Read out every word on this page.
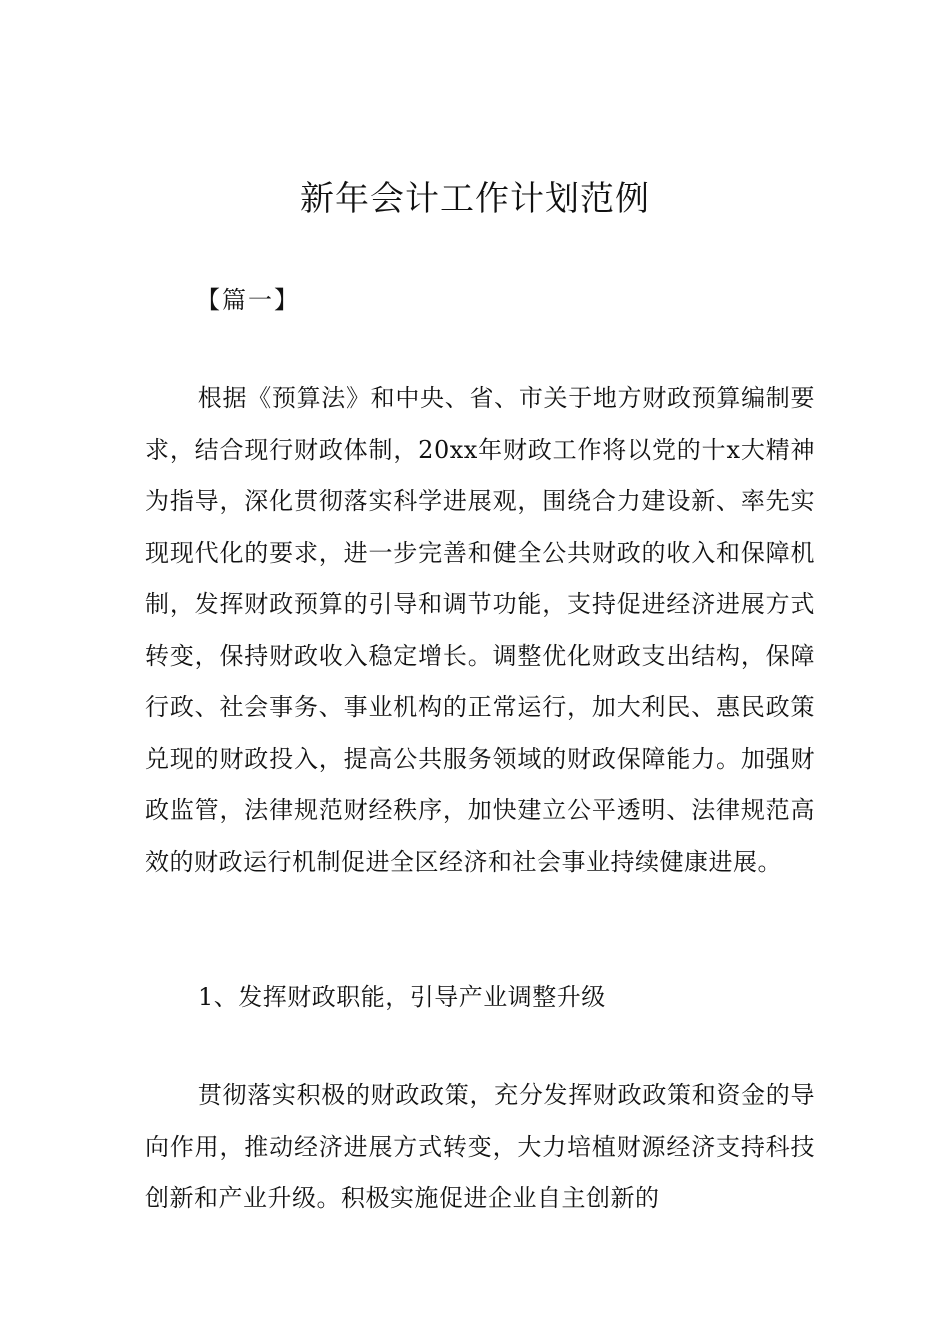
新年会计工作计划范例
【篇一】

根据《预算法》和中央、省、市关于地方财政预算编制要求，结合现行财政体制，20xx年财政工作将以党的十x大精神为指导，深化贯彻落实科学进展观，围绕合力建设新、率先实现现代化的要求，进一步完善和健全公共财政的收入和保障机制，发挥财政预算的引导和调节功能，支持促进经济进展方式转变，保持财政收入稳定增长。调整优化财政支出结构，保障行政、社会事务、事业机构的正常运行，加大利民、惠民政策兑现的财政投入，提高公共服务领域的财政保障能力。加强财政监管，法律规范财经秩序，加快建立公平透明、法律规范高效的财政运行机制促进全区经济和社会事业持续健康进展。

1、发挥财政职能，引导产业调整升级

贯彻落实积极的财政政策，充分发挥财政政策和资金的导向作用，推动经济进展方式转变，大力培植财源经济支持科技创新和产业升级。积极实施促进企业自主创新的
